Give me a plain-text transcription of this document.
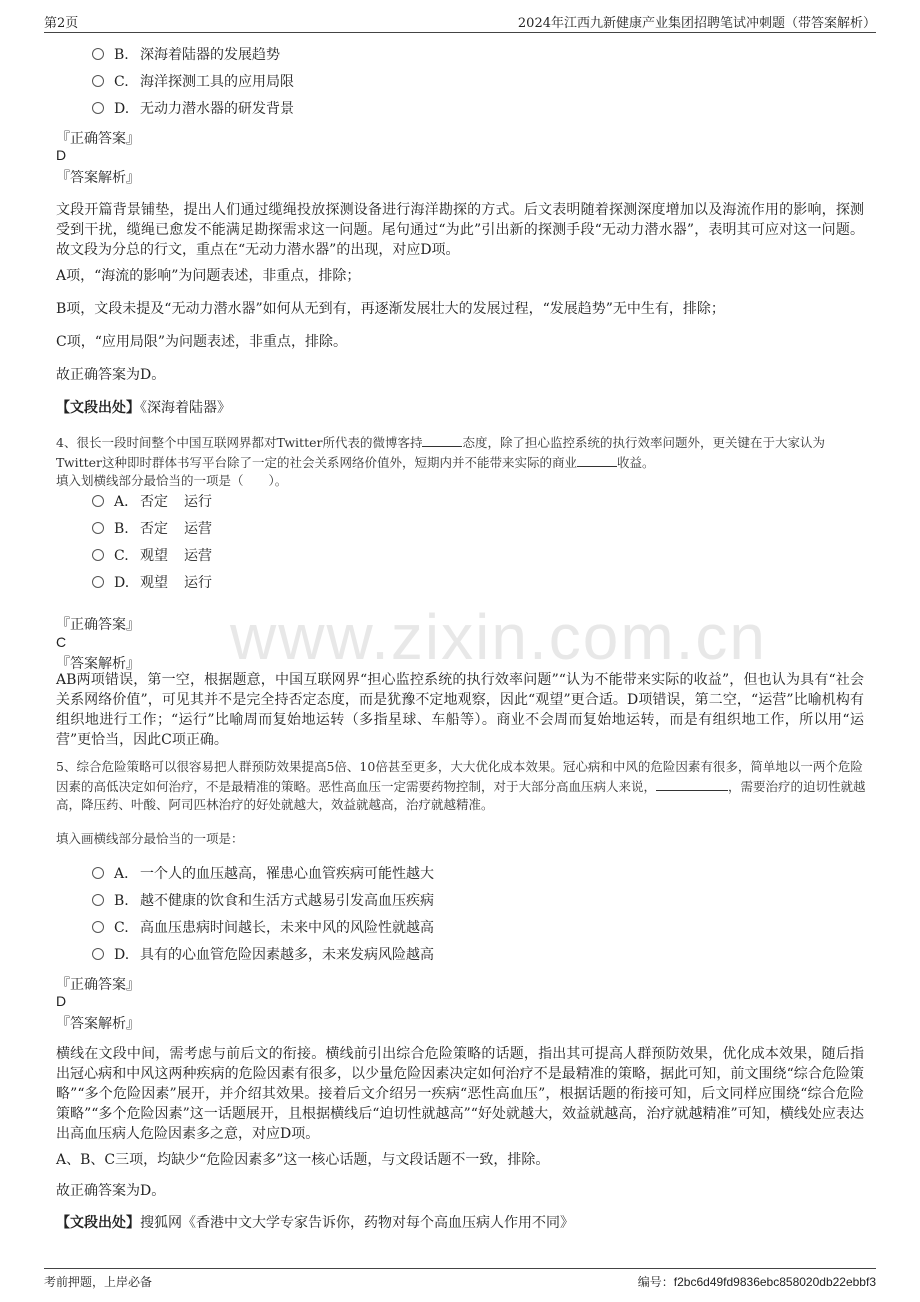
第2页	2024年江西九新健康产业集团招聘笔试冲刺题（带答案解析）
www.zixin.com.cn
B. 深海着陆器的发展趋势
C. 海洋探测工具的应用局限
D. 无动力潜水器的研发背景
『正确答案』
D
『答案解析』
文段开篇背景铺垫，提出人们通过缆绳投放探测设备进行海洋勘探的方式。后文表明随着探测深度增加以及海流作用的影响，探测受到干扰，缆绳已愈发不能满足勘探需求这一问题。尾句通过“为此”引出新的探测手段“无动力潜水器”，表明其可应对这一问题。故文段为分总的行文，重点在“无动力潜水器”的出现，对应D项。
A项，“海流的影响”为问题表述，非重点，排除；
B项，文段未提及“无动力潜水器”如何从无到有，再逐渐发展壮大的发展过程，“发展趋势”无中生有，排除；
C项，“应用局限”为问题表述，非重点，排除。
故正确答案为D。
【文段出处】《深海着陆器》
4、很长一段时间整个中国互联网界都对Twitter所代表的微博客持	态度，除了担心监控系统的执行效率问题外，更关键在于大家认为
Twitter这种即时群体书写平台除了一定的社会关系网络价值外，短期内并不能带来实际的商业	收益。
填入划横线部分最恰当的一项是（　　）。
A． 否定 运行
B. 否定 运营
C. 观望 运营
D. 观望 运行
『正确答案』
C
『答案解析』
AB两项错误，第一空，根据题意，中国互联网界“担心监控系统的执行效率问题”“认为不能带来实际的收益”，但也认为具有“社会关系网络价值”，可见其并不是完全持否定态度，而是犹豫不定地观察，因此“观望”更合适。D项错误，第二空，“运营”比喻机构有组织地进行工作；“运行”比喻周而复始地运转（多指星球、车船等）。商业不会周而复始地运转，而是有组织地工作，所以用“运营”更恰当，因此C项正确。
5、综合危险策略可以很容易把人群预防效果提高5倍、10倍甚至更多，大大优化成本效果。冠心病和中风的危险因素有很多，简单地以一两个危险因素的高低决定如何治疗，不是最精准的策略。恶性高血压一定需要药物控制，对于大部分高血压病人来说，	，需要治疗的迫切性就越高，降压药、叶酸、阿司匹林治疗的好处就越大，效益就越高，治疗就越精准。
填入画横线部分最恰当的一项是：
A． 一个人的血压越高，罹患心血管疾病可能性越大
B. 越不健康的饮食和生活方式越易引发高血压疾病
C. 高血压患病时间越长，未来中风的风险性就越高
D. 具有的心血管危险因素越多，未来发病风险越高
『正确答案』
D
『答案解析』
横线在文段中间，需考虑与前后文的衔接。横线前引出综合危险策略的话题，指出其可提高人群预防效果，优化成本效果，随后指出冠心病和中风这两种疾病的危险因素有很多，以少量危险因素决定如何治疗不是最精准的策略，据此可知，前文围绕“综合危险策略”“多个危险因素”展开，并介绍其效果。接着后文介绍另一疾病“恶性高血压”，根据话题的衔接可知，后文同样应围绕“综合危险策略”“多个危险因素”这一话题展开，且根据横线后“迫切性就越高”“好处就越大，效益就越高，治疗就越精准”可知，横线处应表达出高血压病人危险因素多之意，对应D项。
A、B、C三项，均缺少“危险因素多”这一核心话题，与文段话题不一致，排除。
故正确答案为D。
【文段出处】搜狐网《香港中文大学专家告诉你，药物对每个高血压病人作用不同》
考前押题，上岸必备	编号：f2bc6d49fd9836ebc858020db22ebbf3
